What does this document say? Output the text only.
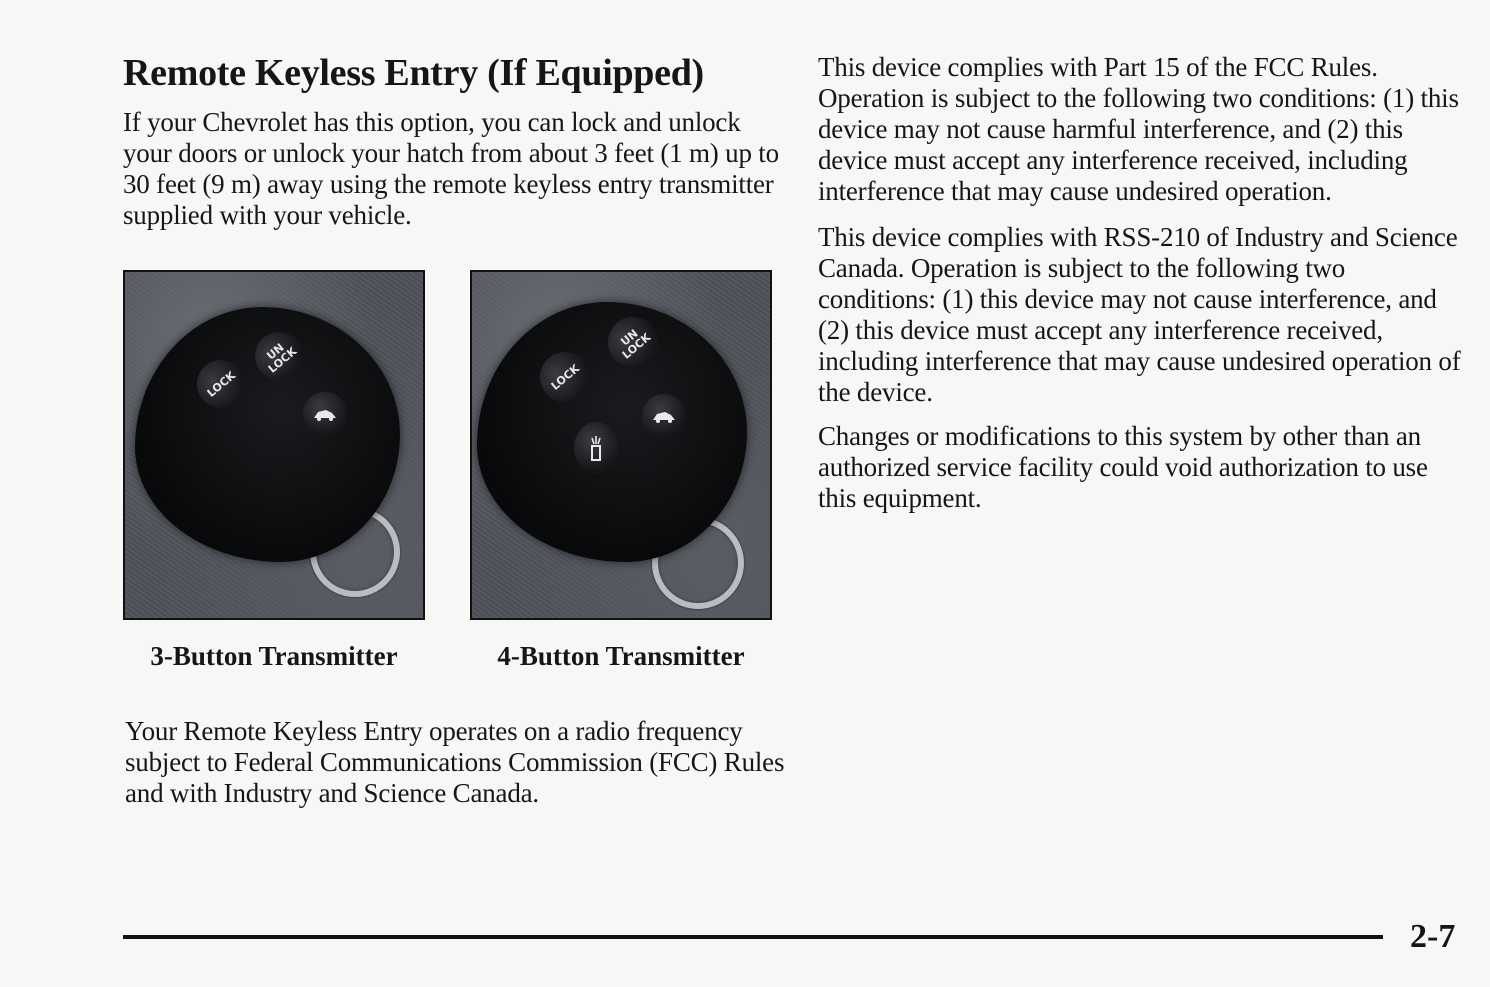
Remote Keyless Entry (If Equipped)

If your Chevrolet has this option, you can lock and unlock your doors or unlock your hatch from about 3 feet (1 m) up to 30 feet (9 m) away using the remote keyless entry transmitter supplied with your vehicle.

UN LOCK
LOCK
UN LOCK
LOCK

3-Button Transmitter	4-Button Transmitter

Your Remote Keyless Entry operates on a radio frequency subject to Federal Communications Commission (FCC) Rules and with Industry and Science Canada.

This device complies with Part 15 of the FCC Rules. Operation is subject to the following two conditions: (1) this device may not cause harmful interference, and (2) this device must accept any interference received, including interference that may cause undesired operation.

This device complies with RSS-210 of Industry and Science Canada. Operation is subject to the following two conditions: (1) this device may not cause interference, and (2) this device must accept any interference received, including interference that may cause undesired operation of the device.

Changes or modifications to this system by other than an authorized service facility could void authorization to use this equipment.

2-7
